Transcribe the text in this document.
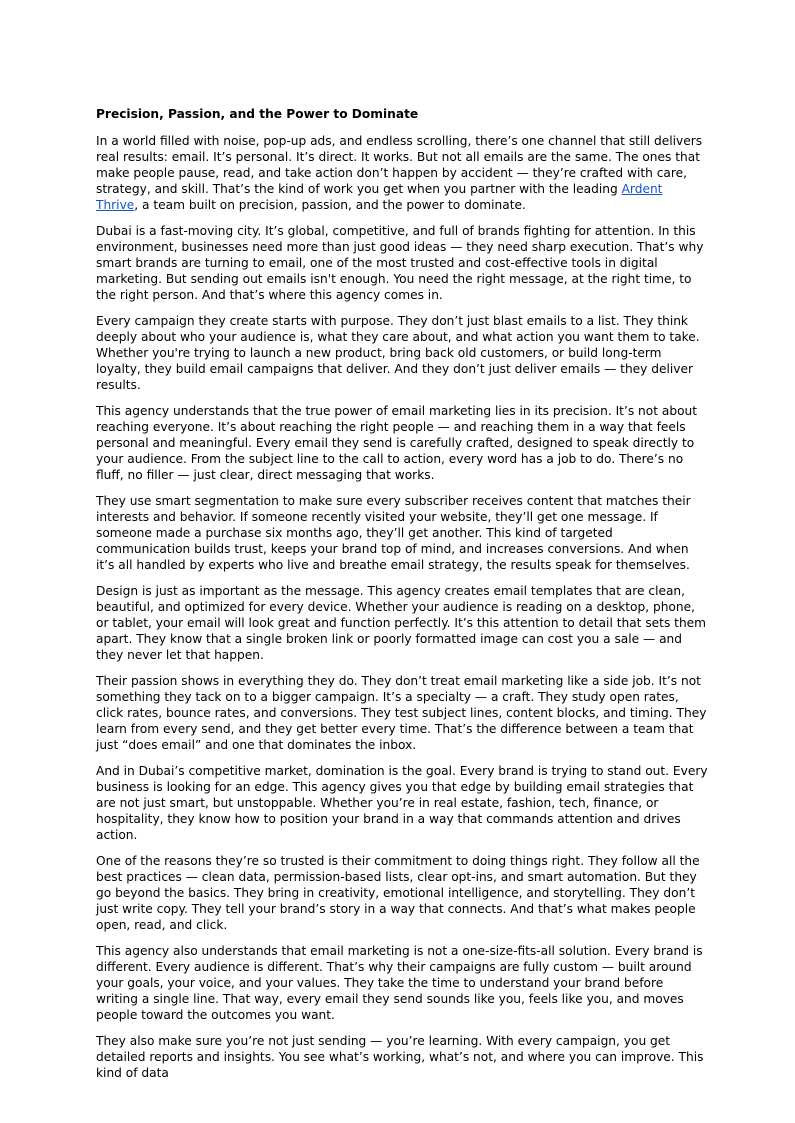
Precision, Passion, and the Power to Dominate

In a world filled with noise, pop-up ads, and endless scrolling, there’s one channel that still delivers real results: email. It’s personal. It’s direct. It works. But not all emails are the same. The ones that make people pause, read, and take action don’t happen by accident — they’re crafted with care, strategy, and skill. That’s the kind of work you get when you partner with the leading Ardent Thrive, a team built on precision, passion, and the power to dominate.

Dubai is a fast-moving city. It’s global, competitive, and full of brands fighting for attention. In this environment, businesses need more than just good ideas — they need sharp execution. That’s why smart brands are turning to email, one of the most trusted and cost-effective tools in digital marketing. But sending out emails isn't enough. You need the right message, at the right time, to the right person. And that’s where this agency comes in.

Every campaign they create starts with purpose. They don’t just blast emails to a list. They think deeply about who your audience is, what they care about, and what action you want them to take. Whether you're trying to launch a new product, bring back old customers, or build long-term loyalty, they build email campaigns that deliver. And they don’t just deliver emails — they deliver results.

This agency understands that the true power of email marketing lies in its precision. It’s not about reaching everyone. It’s about reaching the right people — and reaching them in a way that feels personal and meaningful. Every email they send is carefully crafted, designed to speak directly to your audience. From the subject line to the call to action, every word has a job to do. There’s no fluff, no filler — just clear, direct messaging that works.

They use smart segmentation to make sure every subscriber receives content that matches their interests and behavior. If someone recently visited your website, they’ll get one message. If someone made a purchase six months ago, they’ll get another. This kind of targeted communication builds trust, keeps your brand top of mind, and increases conversions. And when it’s all handled by experts who live and breathe email strategy, the results speak for themselves.

Design is just as important as the message. This agency creates email templates that are clean, beautiful, and optimized for every device. Whether your audience is reading on a desktop, phone, or tablet, your email will look great and function perfectly. It’s this attention to detail that sets them apart. They know that a single broken link or poorly formatted image can cost you a sale — and they never let that happen.

Their passion shows in everything they do. They don’t treat email marketing like a side job. It’s not something they tack on to a bigger campaign. It’s a specialty — a craft. They study open rates, click rates, bounce rates, and conversions. They test subject lines, content blocks, and timing. They learn from every send, and they get better every time. That’s the difference between a team that just “does email” and one that dominates the inbox.

And in Dubai’s competitive market, domination is the goal. Every brand is trying to stand out. Every business is looking for an edge. This agency gives you that edge by building email strategies that are not just smart, but unstoppable. Whether you’re in real estate, fashion, tech, finance, or hospitality, they know how to position your brand in a way that commands attention and drives action.

One of the reasons they’re so trusted is their commitment to doing things right. They follow all the best practices — clean data, permission-based lists, clear opt-ins, and smart automation. But they go beyond the basics. They bring in creativity, emotional intelligence, and storytelling. They don’t just write copy. They tell your brand’s story in a way that connects. And that’s what makes people open, read, and click.

This agency also understands that email marketing is not a one-size-fits-all solution. Every brand is different. Every audience is different. That’s why their campaigns are fully custom — built around your goals, your voice, and your values. They take the time to understand your brand before writing a single line. That way, every email they send sounds like you, feels like you, and moves people toward the outcomes you want.

They also make sure you’re not just sending — you’re learning. With every campaign, you get detailed reports and insights. You see what’s working, what’s not, and where you can improve. This kind of data
